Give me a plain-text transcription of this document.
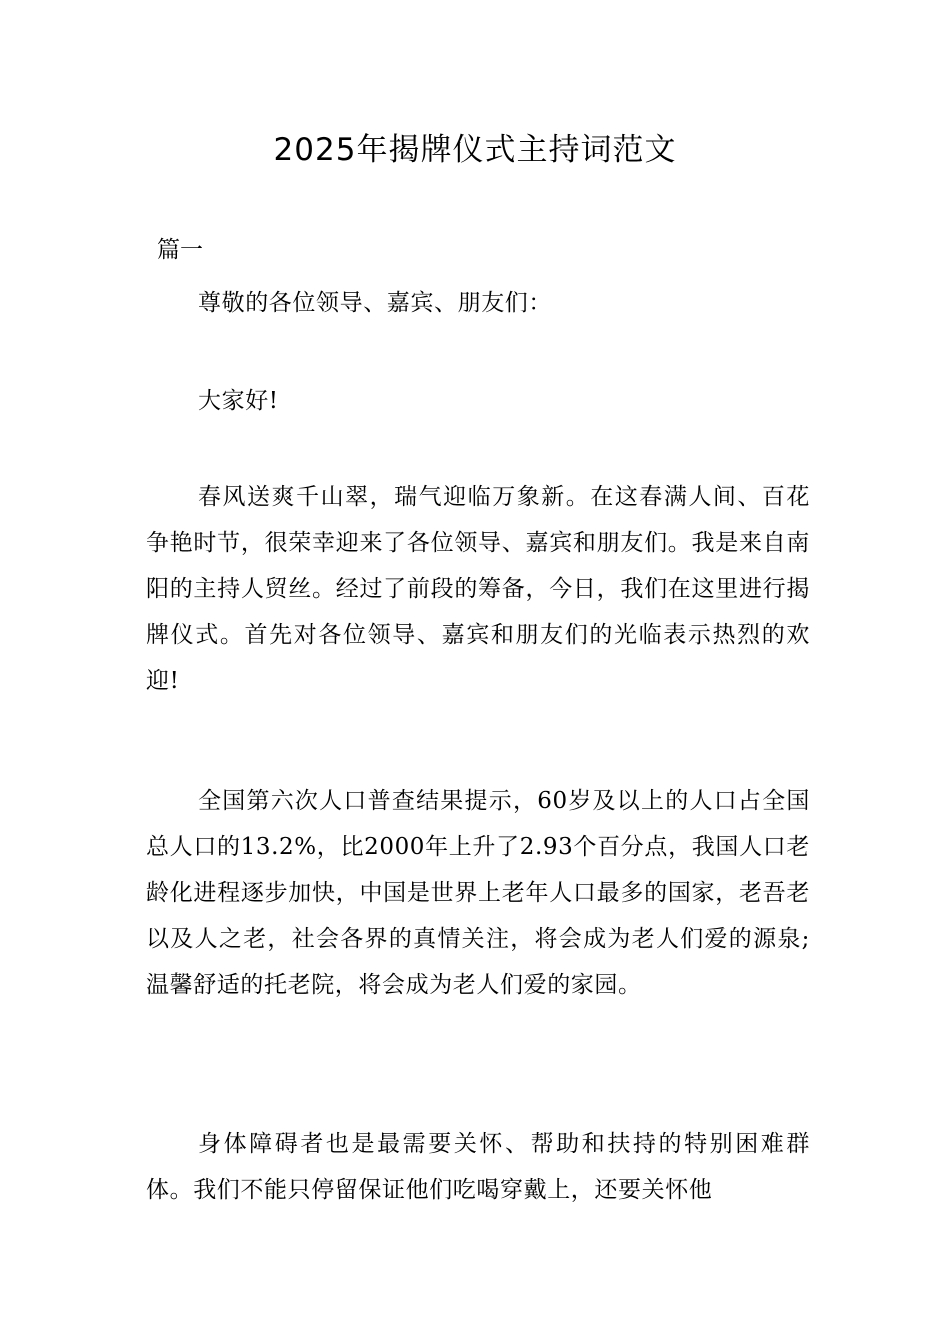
2025年揭牌仪式主持词范文
篇一

尊敬的各位领导、嘉宾、朋友们：

大家好!

春风送爽千山翠，瑞气迎临万象新。在这春满人间、百花争艳时节，很荣幸迎来了各位领导、嘉宾和朋友们。我是来自南阳的主持人贸丝。经过了前段的筹备，今日，我们在这里进行揭牌仪式。首先对各位领导、嘉宾和朋友们的光临表示热烈的欢迎!

全国第六次人口普查结果提示，60岁及以上的人口占全国总人口的13.2%，比2000年上升了2.93个百分点，我国人口老龄化进程逐步加快，中国是世界上老年人口最多的国家，老吾老以及人之老，社会各界的真情关注，将会成为老人们爱的源泉;温馨舒适的托老院，将会成为老人们爱的家园。

身体障碍者也是最需要关怀、帮助和扶持的特别困难群体。我们不能只停留保证他们吃喝穿戴上，还要关怀他
